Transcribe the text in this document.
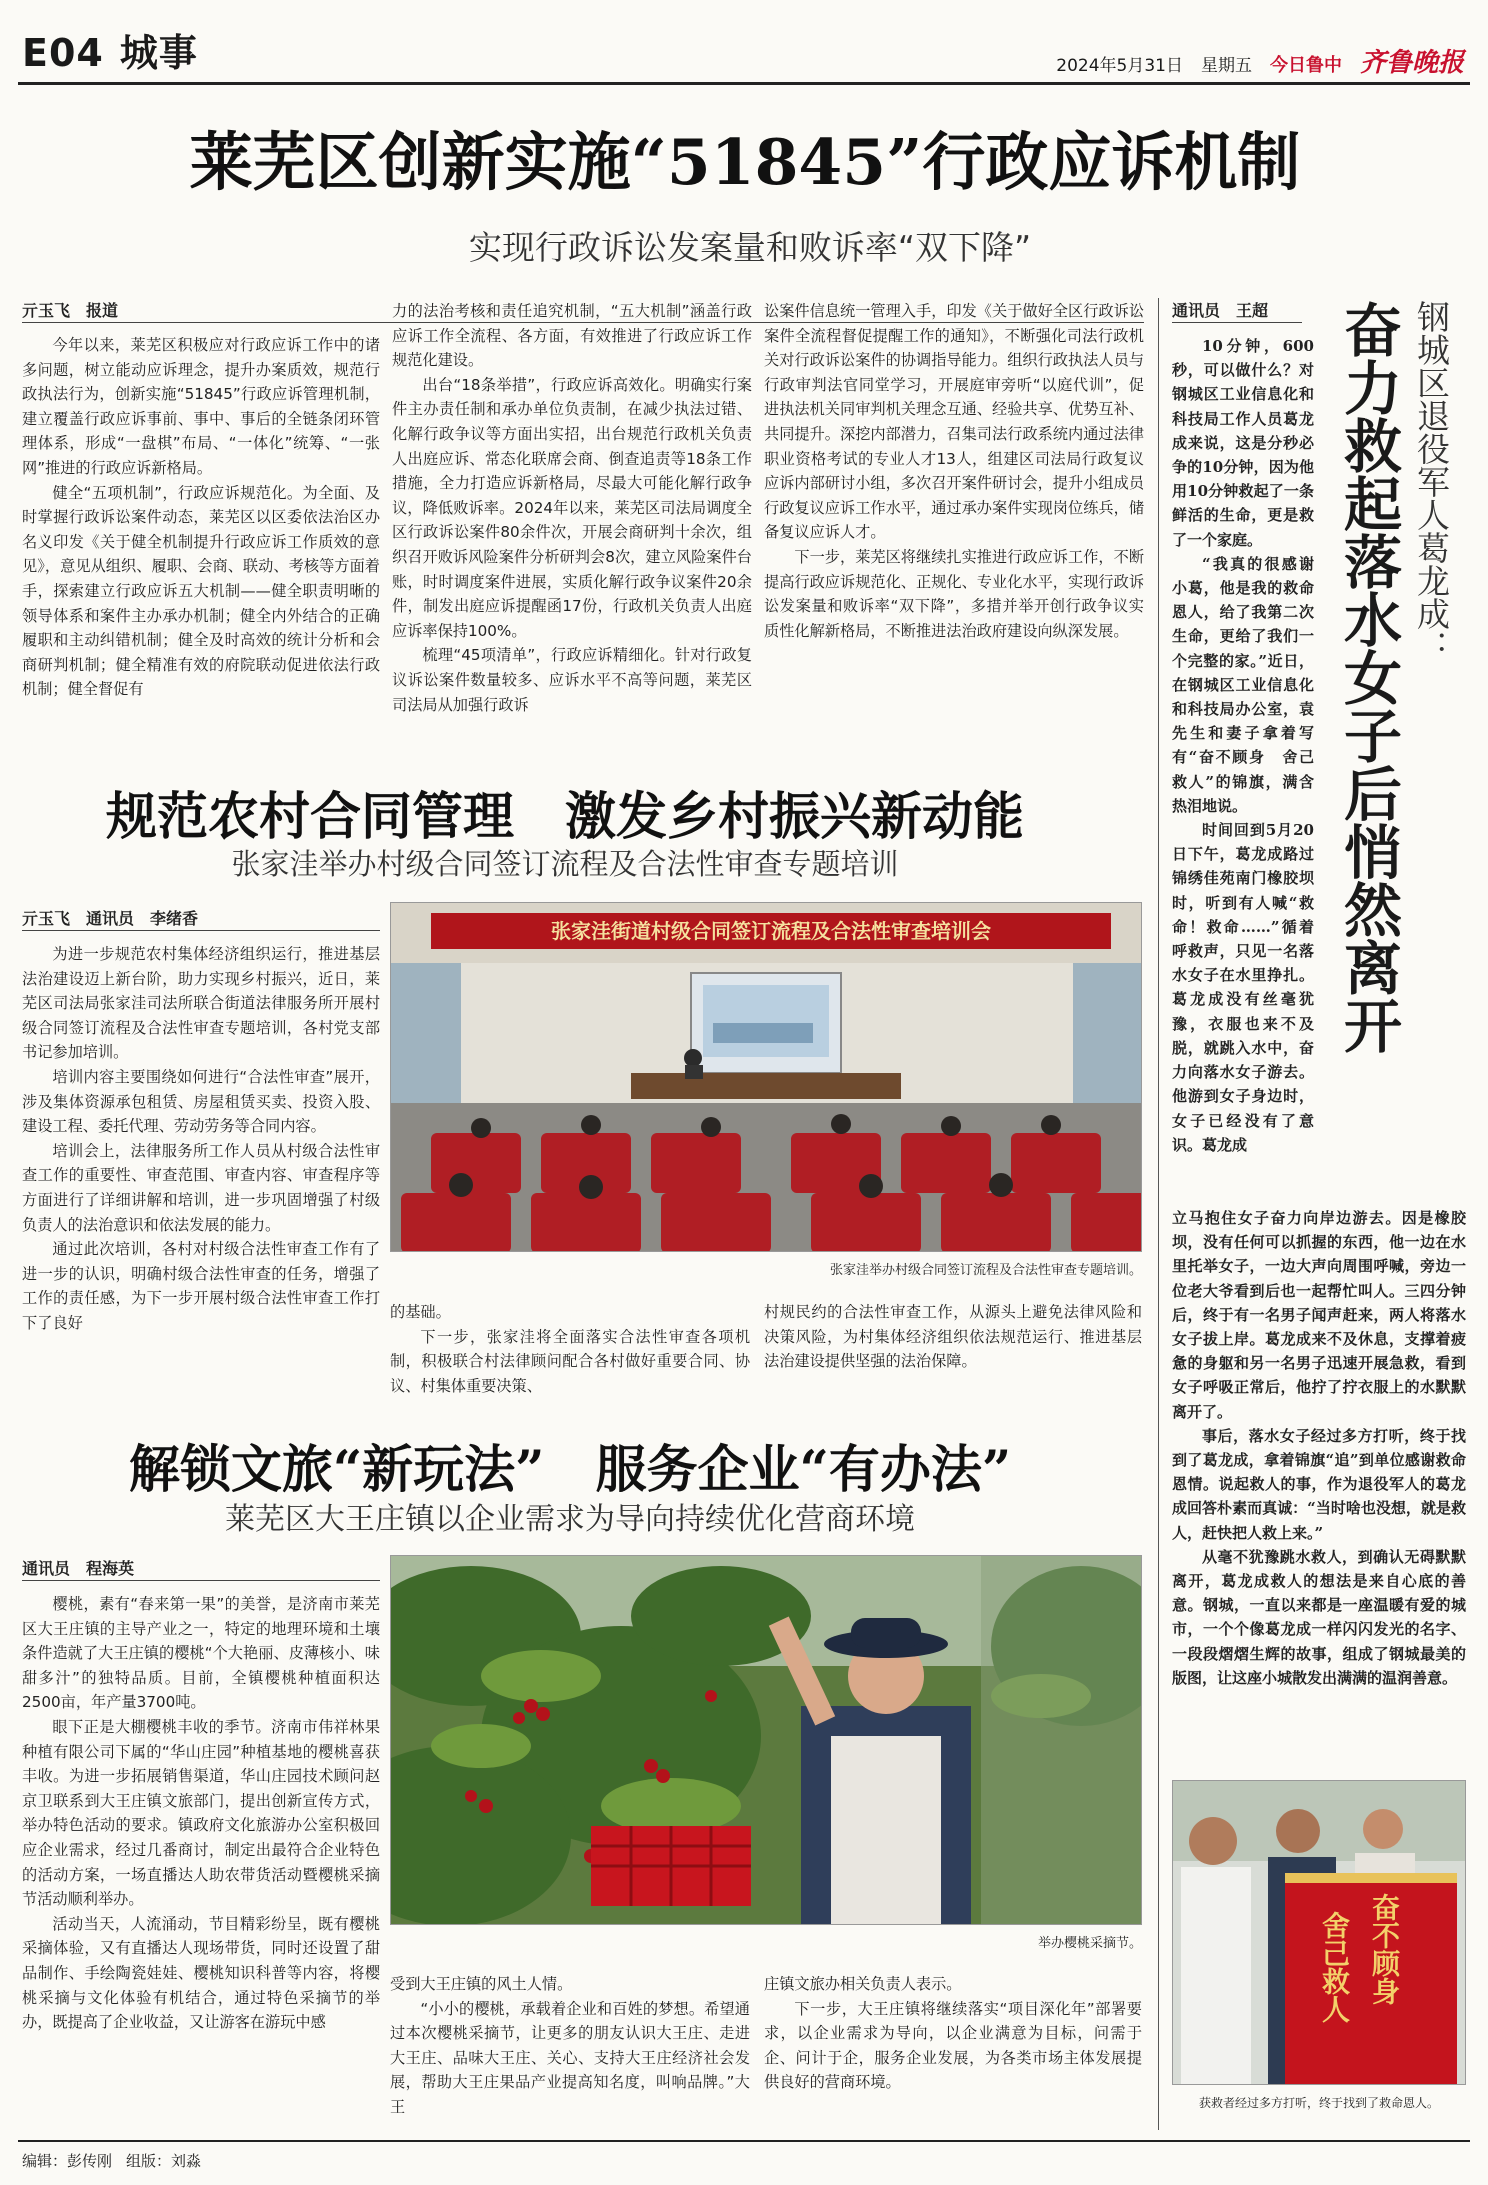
E04 城事	2024年5月31日 星期五 今日鲁中 齐鲁晚报
莱芜区创新实施“51845”行政应诉机制
实现行政诉讼发案量和败诉率“双下降”
亓玉飞　报道

今年以来，莱芜区积极应对行政应诉工作中的诸多问题，树立能动应诉理念，提升办案质效，规范行政执法行为，创新实施“51845”行政应诉管理机制，建立覆盖行政应诉事前、事中、事后的全链条闭环管理体系，形成“一盘棋”布局、“一体化”统筹、“一张网”推进的行政应诉新格局。

健全“五项机制”，行政应诉规范化。为全面、及时掌握行政诉讼案件动态，莱芜区以区委依法治区办名义印发《关于健全机制提升行政应诉工作质效的意见》，意见从组织、履职、会商、联动、考核等方面着手，探索建立行政应诉五大机制——健全职责明晰的领导体系和案件主办承办机制；健全内外结合的正确履职和主动纠错机制；健全及时高效的统计分析和会商研判机制；健全精准有效的府院联动促进依法行政机制；健全督促有

力的法治考核和责任追究机制，“五大机制”涵盖行政应诉工作全流程、各方面，有效推进了行政应诉工作规范化建设。

出台“18条举措”，行政应诉高效化。明确实行案件主办责任制和承办单位负责制，在减少执法过错、化解行政争议等方面出实招，出台规范行政机关负责人出庭应诉、常态化联席会商、倒查追责等18条工作措施，全力打造应诉新格局，尽最大可能化解行政争议，降低败诉率。2024年以来，莱芜区司法局调度全区行政诉讼案件80余件次，开展会商研判十余次，组织召开败诉风险案件分析研判会8次，建立风险案件台账，时时调度案件进展，实质化解行政争议案件20余件，制发出庭应诉提醒函17份，行政机关负责人出庭应诉率保持100%。

梳理“45项清单”，行政应诉精细化。针对行政复议诉讼案件数量较多、应诉水平不高等问题，莱芜区司法局从加强行政诉

讼案件信息统一管理入手，印发《关于做好全区行政诉讼案件全流程督促提醒工作的通知》，不断强化司法行政机关对行政诉讼案件的协调指导能力。组织行政执法人员与行政审判法官同堂学习，开展庭审旁听“以庭代训”，促进执法机关同审判机关理念互通、经验共享、优势互补、共同提升。深挖内部潜力，召集司法行政系统内通过法律职业资格考试的专业人才13人，组建区司法局行政复议应诉内部研讨小组，多次召开案件研讨会，提升小组成员行政复议应诉工作水平，通过承办案件实现岗位练兵，储备复议应诉人才。

下一步，莱芜区将继续扎实推进行政应诉工作，不断提高行政应诉规范化、正规化、专业化水平，实现行政诉讼发案量和败诉率“双下降”，多措并举开创行政争议实质性化解新格局，不断推进法治政府建设向纵深发展。

规范农村合同管理　激发乡村振兴新动能
张家洼举办村级合同签订流程及合法性审查专题培训
亓玉飞　通讯员　李绪香

为进一步规范农村集体经济组织运行，推进基层法治建设迈上新台阶，助力实现乡村振兴，近日，莱芜区司法局张家洼司法所联合街道法律服务所开展村级合同签订流程及合法性审查专题培训，各村党支部书记参加培训。

培训内容主要围绕如何进行“合法性审查”展开，涉及集体资源承包租赁、房屋租赁买卖、投资入股、建设工程、委托代理、劳动劳务等合同内容。

培训会上，法律服务所工作人员从村级合法性审查工作的重要性、审查范围、审查内容、审查程序等方面进行了详细讲解和培训，进一步巩固增强了村级负责人的法治意识和依法发展的能力。

通过此次培训，各村对村级合法性审查工作有了进一步的认识，明确村级合法性审查的任务，增强了工作的责任感，为下一步开展村级合法性审查工作打下了良好

张家洼街道村级合同签订流程及合法性审查培训会
张家洼举办村级合同签订流程及合法性审查专题培训。

的基础。

下一步，张家洼将全面落实合法性审查各项机制，积极联合村法律顾问配合各村做好重要合同、协议、村集体重要决策、

村规民约的合法性审查工作，从源头上避免法律风险和决策风险，为村集体经济组织依法规范运行、推进基层法治建设提供坚强的法治保障。

解锁文旅“新玩法”　服务企业“有办法”
莱芜区大王庄镇以企业需求为导向持续优化营商环境
通讯员　程海英

樱桃，素有“春来第一果”的美誉，是济南市莱芜区大王庄镇的主导产业之一，特定的地理环境和土壤条件造就了大王庄镇的樱桃“个大艳丽、皮薄核小、味甜多汁”的独特品质。目前，全镇樱桃种植面积达2500亩，年产量3700吨。

眼下正是大棚樱桃丰收的季节。济南市伟祥林果种植有限公司下属的“华山庄园”种植基地的樱桃喜获丰收。为进一步拓展销售渠道，华山庄园技术顾问赵京卫联系到大王庄镇文旅部门，提出创新宣传方式，举办特色活动的要求。镇政府文化旅游办公室积极回应企业需求，经过几番商讨，制定出最符合企业特色的活动方案，一场直播达人助农带货活动暨樱桃采摘节活动顺利举办。

活动当天，人流涌动，节目精彩纷呈，既有樱桃采摘体验，又有直播达人现场带货，同时还设置了甜品制作、手绘陶瓷娃娃、樱桃知识科普等内容，将樱桃采摘与文化体验有机结合，通过特色采摘节的举办，既提高了企业收益，又让游客在游玩中感

举办樱桃采摘节。

受到大王庄镇的风土人情。

“小小的樱桃，承载着企业和百姓的梦想。希望通过本次樱桃采摘节，让更多的朋友认识大王庄、走进大王庄、品味大王庄、关心、支持大王庄经济社会发展，帮助大王庄果品产业提高知名度，叫响品牌。”大王

庄镇文旅办相关负责人表示。

下一步，大王庄镇将继续落实“项目深化年”部署要求，以企业需求为导向，以企业满意为目标，问需于企、问计于企，服务企业发展，为各类市场主体发展提供良好的营商环境。

通讯员　王超	钢城区退役军人葛龙成：
奋力救起落水女子后悄然离开

10分钟，600秒，可以做什么？对钢城区工业信息化和科技局工作人员葛龙成来说，这是分秒必争的10分钟，因为他用10分钟救起了一条鲜活的生命，更是救了一个家庭。

“我真的很感谢小葛，他是我的救命恩人，给了我第二次生命，更给了我们一个完整的家。”近日，在钢城区工业信息化和科技局办公室，袁先生和妻子拿着写有“奋不顾身　舍己救人”的锦旗，满含热泪地说。

时间回到5月20日下午，葛龙成路过锦绣佳苑南门橡胶坝时，听到有人喊“救命！救命……”循着呼救声，只见一名落水女子在水里挣扎。葛龙成没有丝毫犹豫，衣服也来不及脱，就跳入水中，奋力向落水女子游去。他游到女子身边时，女子已经没有了意识。葛龙成

立马抱住女子奋力向岸边游去。因是橡胶坝，没有任何可以抓握的东西，他一边在水里托举女子，一边大声向周围呼喊，旁边一位老大爷看到后也一起帮忙叫人。三四分钟后，终于有一名男子闻声赶来，两人将落水女子拔上岸。葛龙成来不及休息，支撑着疲惫的身躯和另一名男子迅速开展急救，看到女子呼吸正常后，他拧了拧衣服上的水默默离开了。

事后，落水女子经过多方打听，终于找到了葛龙成，拿着锦旗“追”到单位感谢救命恩情。说起救人的事，作为退役军人的葛龙成回答朴素而真诚：“当时啥也没想，就是救人，赶快把人救上来。”

从毫不犹豫跳水救人，到确认无碍默默离开，葛龙成救人的想法是来自心底的善意。钢城，一直以来都是一座温暖有爱的城市，一个个像葛龙成一样闪闪发光的名字、一段段熠熠生辉的故事，组成了钢城最美的版图，让这座小城散发出满满的温润善意。

奋不顾身
舍己救人
获救者经过多方打听，终于找到了救命恩人。
编辑：彭传刚 组版：刘淼
